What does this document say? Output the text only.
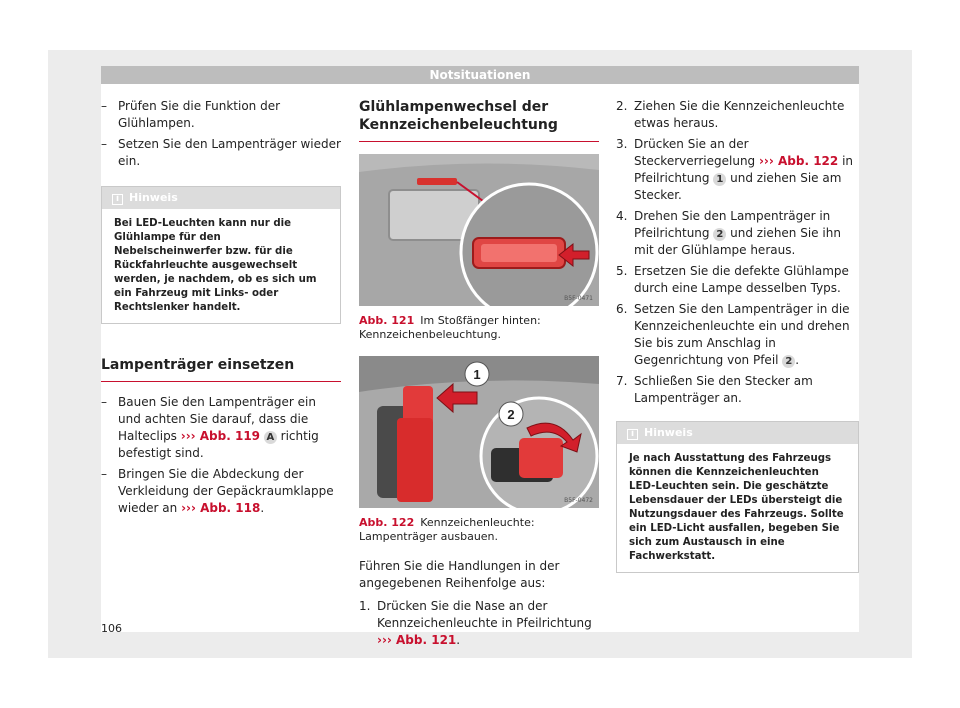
Notsituationen
– Prüfen Sie die Funktion der Glühlampen.
– Setzen Sie den Lampenträger wieder ein.
i Hinweis
Bei LED-Leuchten kann nur die Glühlampe für den Nebelscheinwerfer bzw. für die Rückfahrleuchte ausgewechselt werden, je nachdem, ob es sich um ein Fahrzeug mit Links- oder Rechtslenker handelt.
Lampenträger einsetzen
– Bauen Sie den Lampenträger ein und achten Sie darauf, dass die Halteclips ››› Abb. 119 A richtig befestigt sind.
– Bringen Sie die Abdeckung der Verkleidung der Gepäckraumklappe wieder an ››› Abb. 118.
Glühlampenwechsel der Kennzeichenbeleuchtung
B5F-0471
Abb. 121 Im Stoßfänger hinten: Kennzeichenbeleuchtung.
1
2
B5F-0472
Abb. 122 Kennzeichenleuchte: Lampenträger ausbauen.
Führen Sie die Handlungen in der angegebenen Reihenfolge aus:
1. Drücken Sie die Nase an der Kennzeichenleuchte in Pfeilrichtung ››› Abb. 121.
2. Ziehen Sie die Kennzeichenleuchte etwas heraus.
3. Drücken Sie an der Steckerverriegelung ››› Abb. 122 in Pfeilrichtung 1 und ziehen Sie am Stecker.
4. Drehen Sie den Lampenträger in Pfeilrichtung 2 und ziehen Sie ihn mit der Glühlampe heraus.
5. Ersetzen Sie die defekte Glühlampe durch eine Lampe desselben Typs.
6. Setzen Sie den Lampenträger in die Kennzeichenleuchte ein und drehen Sie bis zum Anschlag in Gegenrichtung von Pfeil 2 .
7. Schließen Sie den Stecker am Lampenträger an.
i Hinweis
Je nach Ausstattung des Fahrzeugs können die Kennzeichenleuchten LED-Leuchten sein. Die geschätzte Lebensdauer der LEDs übersteigt die Nutzungsdauer des Fahrzeugs. Sollte ein LED-Licht ausfallen, begeben Sie sich zum Austausch in eine Fachwerkstatt.
106
